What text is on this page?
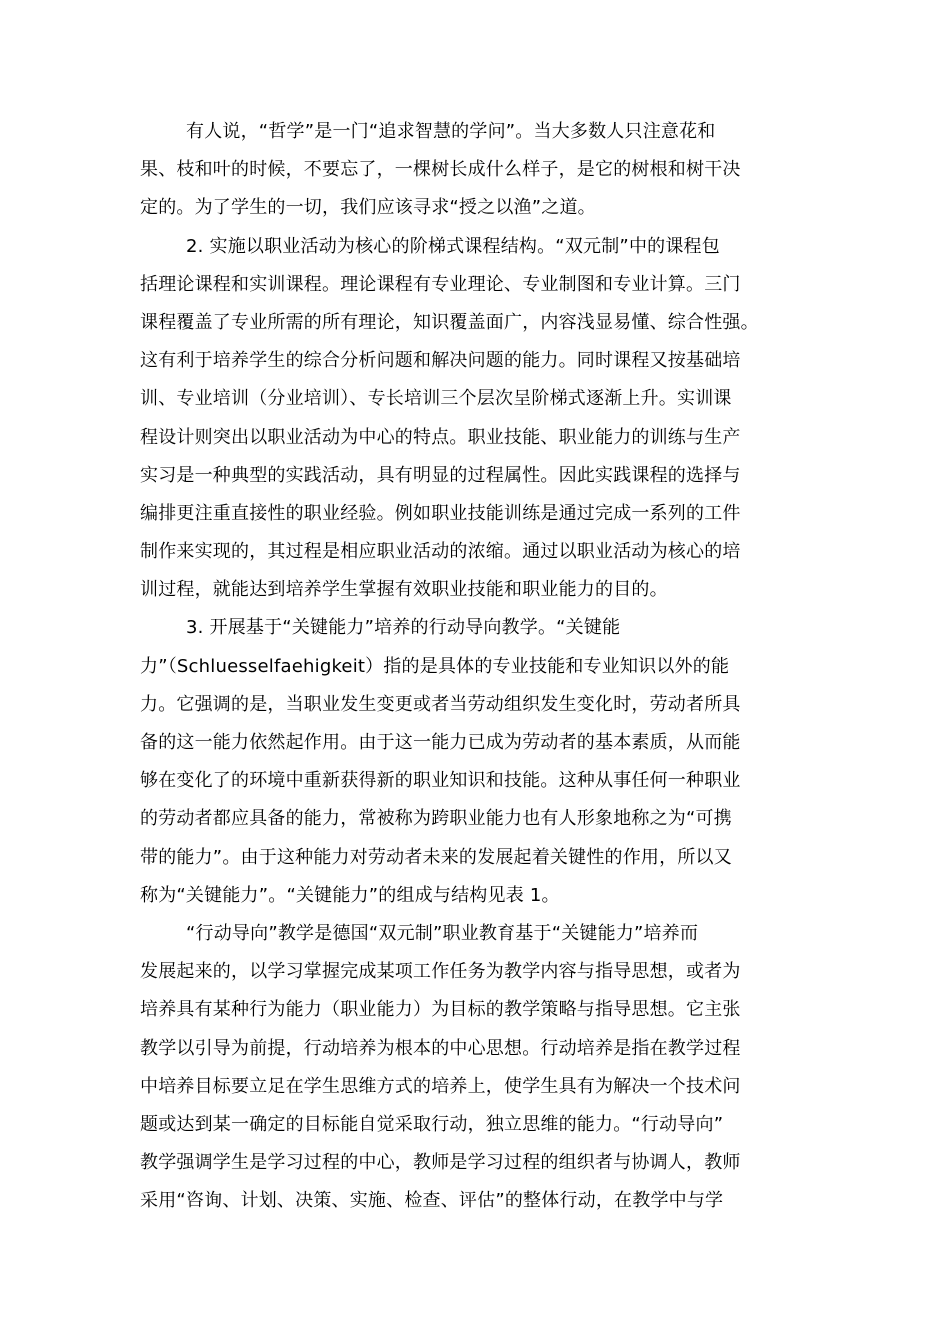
有人说，“哲学”是一门“追求智慧的学问”。当大多数人只注意花和
果、枝和叶的时候，不要忘了，一棵树长成什么样子，是它的树根和树干决
定的。为了学生的一切，我们应该寻求“授之以渔”之道。
2. 实施以职业活动为核心的阶梯式课程结构。“双元制”中的课程包
括理论课程和实训课程。理论课程有专业理论、专业制图和专业计算。三门
课程覆盖了专业所需的所有理论，知识覆盖面广，内容浅显易懂、综合性强。
这有利于培养学生的综合分析问题和解决问题的能力。同时课程又按基础培
训、专业培训（分业培训）、专长培训三个层次呈阶梯式逐渐上升。实训课
程设计则突出以职业活动为中心的特点。职业技能、职业能力的训练与生产
实习是一种典型的实践活动，具有明显的过程属性。因此实践课程的选择与
编排更注重直接性的职业经验。例如职业技能训练是通过完成一系列的工件
制作来实现的，其过程是相应职业活动的浓缩。通过以职业活动为核心的培
训过程，就能达到培养学生掌握有效职业技能和职业能力的目的。
3. 开展基于“关键能力”培养的行动导向教学。“关键能
力”（Schluesselfaehigkeit）指的是具体的专业技能和专业知识以外的能
力。它强调的是，当职业发生变更或者当劳动组织发生变化时，劳动者所具
备的这一能力依然起作用。由于这一能力已成为劳动者的基本素质，从而能
够在变化了的环境中重新获得新的职业知识和技能。这种从事任何一种职业
的劳动者都应具备的能力，常被称为跨职业能力也有人形象地称之为“可携
带的能力”。由于这种能力对劳动者未来的发展起着关键性的作用，所以又
称为“关键能力”。“关键能力”的组成与结构见表 1。
“行动导向”教学是德国“双元制”职业教育基于“关键能力”培养而
发展起来的，以学习掌握完成某项工作任务为教学内容与指导思想，或者为
培养具有某种行为能力（职业能力）为目标的教学策略与指导思想。它主张
教学以引导为前提，行动培养为根本的中心思想。行动培养是指在教学过程
中培养目标要立足在学生思维方式的培养上，使学生具有为解决一个技术问
题或达到某一确定的目标能自觉采取行动，独立思维的能力。“行动导向”
教学强调学生是学习过程的中心，教师是学习过程的组织者与协调人，教师
采用“咨询、计划、决策、实施、检查、评估”的整体行动，在教学中与学
